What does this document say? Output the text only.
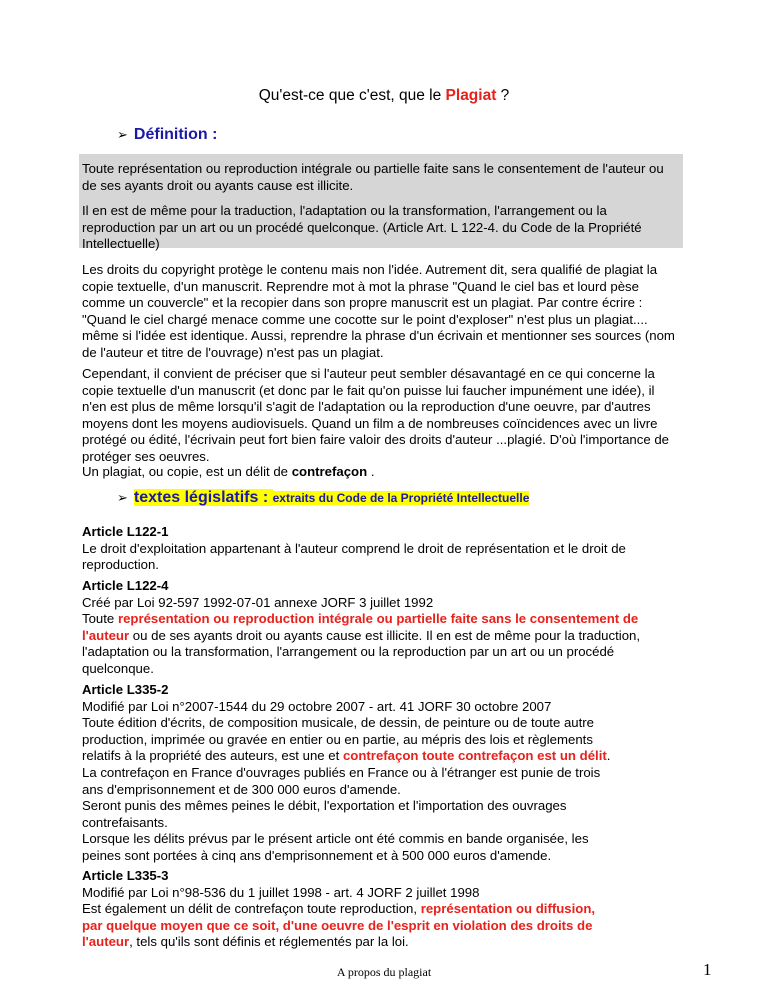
Qu'est-ce que c'est, que le Plagiat ?
➢ Définition :

Toute représentation ou reproduction intégrale ou partielle faite sans le consentement de l'auteur ou

de ses ayants droit ou ayants cause est illicite.

Il en est de même pour la traduction, l'adaptation ou la transformation, l'arrangement ou la

reproduction par un art ou un procédé quelconque. (Article Art. L 122-4. du Code de la Propriété

Intellectuelle)

Les droits du copyright protège le contenu mais non l'idée. Autrement dit, sera qualifié de plagiat la

copie textuelle, d'un manuscrit. Reprendre mot à mot la phrase "Quand le ciel bas et lourd pèse

comme un couvercle" et la recopier dans son propre manuscrit est un plagiat. Par contre écrire :

"Quand le ciel chargé menace comme une cocotte sur le point d'exploser" n'est plus un plagiat....

même si l'idée est identique. Aussi, reprendre la phrase d'un écrivain et mentionner ses sources (nom

de l'auteur et titre de l'ouvrage) n'est pas un plagiat.

Cependant, il convient de préciser que si l'auteur peut sembler désavantagé en ce qui concerne la

copie textuelle d'un manuscrit (et donc par le fait qu'on puisse lui faucher impunément une idée), il

n'en est plus de même lorsqu'il s'agit de l'adaptation ou la reproduction d'une oeuvre, par d'autres

moyens dont les moyens audiovisuels. Quand un film a de nombreuses coïncidences avec un livre

protégé ou édité, l'écrivain peut fort bien faire valoir des droits d'auteur ...plagié. D'où l'importance de

protéger ses oeuvres.

Un plagiat, ou copie, est un délit de contrefaçon .

➢ textes législatifs : extraits du Code de la Propriété Intellectuelle

Article L122-1

Le droit d'exploitation appartenant à l'auteur comprend le droit de représentation et le droit de

reproduction.

Article L122-4

Créé par Loi 92-597 1992-07-01 annexe JORF 3 juillet 1992

Toute représentation ou reproduction intégrale ou partielle faite sans le consentement de

l'auteur ou de ses ayants droit ou ayants cause est illicite. Il en est de même pour la traduction,

l'adaptation ou la transformation, l'arrangement ou la reproduction par un art ou un procédé

quelconque.

Article L335-2

Modifié par Loi n°2007-1544 du 29 octobre 2007 - art. 41 JORF 30 octobre 2007

Toute édition d'écrits, de composition musicale, de dessin, de peinture ou de toute autre

production, imprimée ou gravée en entier ou en partie, au mépris des lois et règlements

relatifs à la propriété des auteurs, est une et contrefaçon toute contrefaçon est un délit.

La contrefaçon en France d'ouvrages publiés en France ou à l'étranger est punie de trois

ans d'emprisonnement et de 300 000 euros d'amende.

Seront punis des mêmes peines le débit, l'exportation et l'importation des ouvrages

contrefaisants.

Lorsque les délits prévus par le présent article ont été commis en bande organisée, les

peines sont portées à cinq ans d'emprisonnement et à 500 000 euros d'amende.

Article L335-3

Modifié par Loi n°98-536 du 1 juillet 1998 - art. 4 JORF 2 juillet 1998

Est également un délit de contrefaçon toute reproduction, représentation ou diffusion,

par quelque moyen que ce soit, d'une oeuvre de l'esprit en violation des droits de

l'auteur, tels qu'ils sont définis et réglementés par la loi.

A propos du plagiat	1
